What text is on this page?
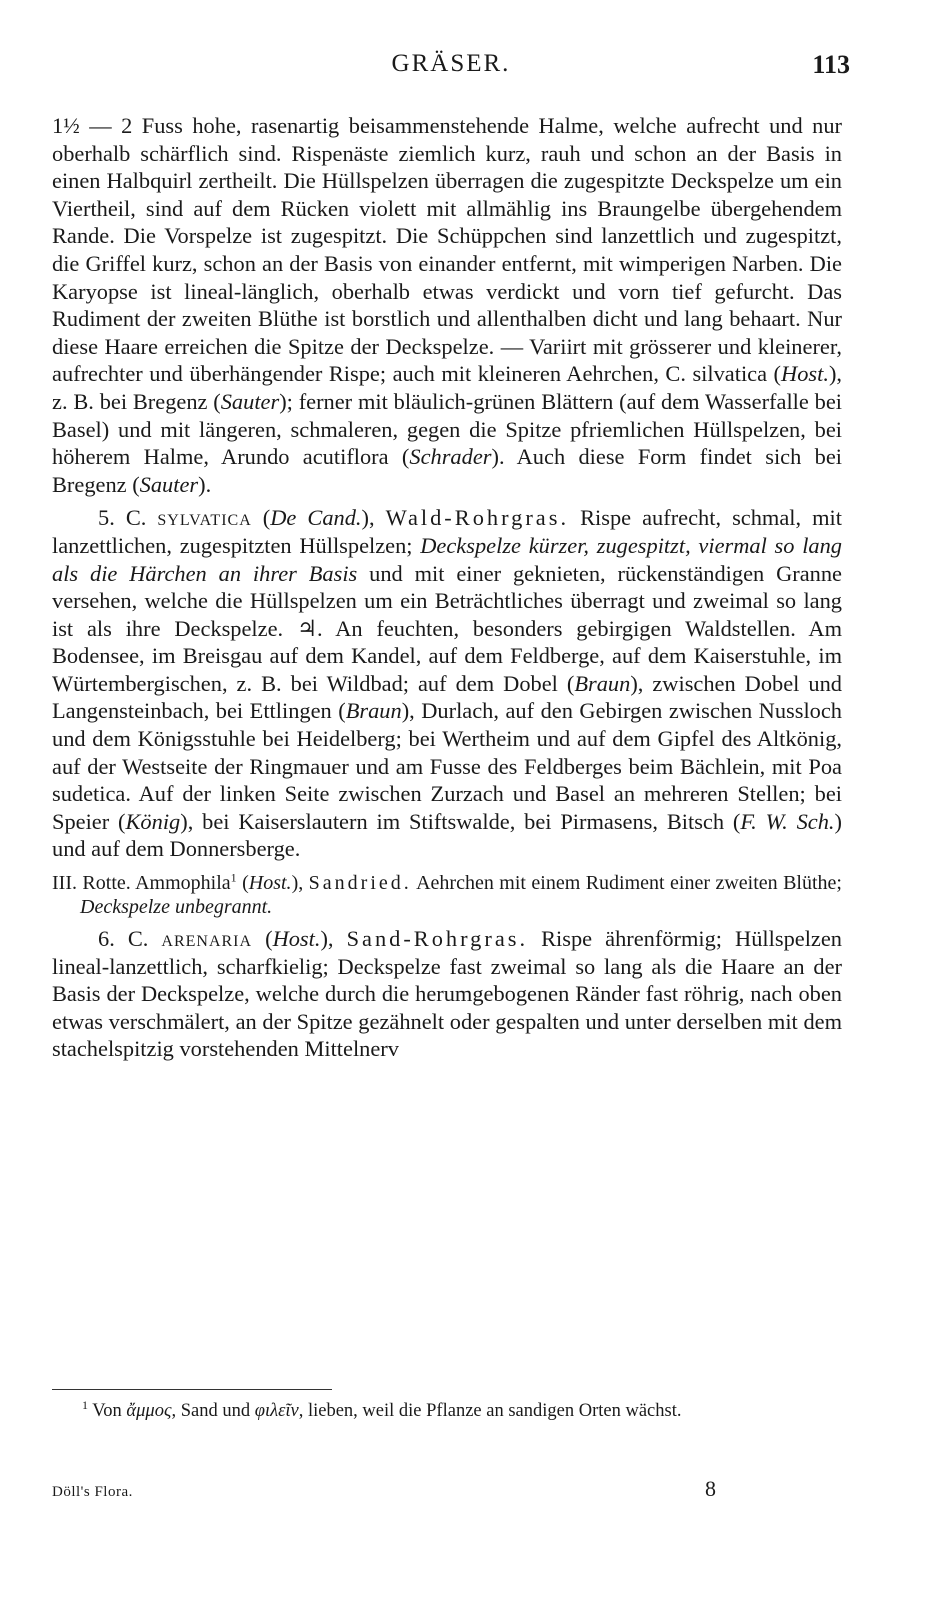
GRÄSER.	113

1½ — 2 Fuss hohe, rasenartig beisammenstehende Halme, welche aufrecht und nur oberhalb schärflich sind. Rispenäste ziemlich kurz, rauh und schon an der Basis in einen Halbquirl zertheilt. Die Hüllspelzen überragen die zugespitzte Deckspelze um ein Viertheil, sind auf dem Rücken violett mit allmählig ins Braungelbe übergehendem Rande. Die Vorspelze ist zugespitzt. Die Schüppchen sind lanzettlich und zugespitzt, die Griffel kurz, schon an der Basis von einander entfernt, mit wimperigen Narben. Die Karyopse ist lineal-länglich, oberhalb etwas verdickt und vorn tief gefurcht. Das Rudiment der zweiten Blüthe ist borstlich und allenthalben dicht und lang behaart. Nur diese Haare erreichen die Spitze der Deckspelze. — Variirt mit grösserer und kleinerer, aufrechter und überhängender Rispe; auch mit kleineren Aehrchen, C. silvatica (Host.), z. B. bei Bregenz (Sauter); ferner mit bläulich-grünen Blättern (auf dem Wasserfalle bei Basel) und mit längeren, schmaleren, gegen die Spitze pfriemlichen Hüllspelzen, bei höherem Halme, Arundo acutiflora (Schrader). Auch diese Form findet sich bei Bregenz (Sauter).

5. C. sylvatica (De Cand.), Wald-Rohrgras. Rispe aufrecht, schmal, mit lanzettlichen, zugespitzten Hüllspelzen; Deckspelze kürzer, zugespitzt, viermal so lang als die Härchen an ihrer Basis und mit einer geknieten, rückenständigen Granne versehen, welche die Hüllspelzen um ein Beträchtliches überragt und zweimal so lang ist als ihre Deckspelze. ♃. An feuchten, besonders gebirgigen Waldstellen. Am Bodensee, im Breisgau auf dem Kandel, auf dem Feldberge, auf dem Kaiserstuhle, im Würtembergischen, z. B. bei Wildbad; auf dem Dobel (Braun), zwischen Dobel und Langensteinbach, bei Ettlingen (Braun), Durlach, auf den Gebirgen zwischen Nussloch und dem Königsstuhle bei Heidelberg; bei Wertheim und auf dem Gipfel des Altkönig, auf der Westseite der Ringmauer und am Fusse des Feldberges beim Bächlein, mit Poa sudetica. Auf der linken Seite zwischen Zurzach und Basel an mehreren Stellen; bei Speier (König), bei Kaiserslautern im Stiftswalde, bei Pirmasens, Bitsch (F. W. Sch.) und auf dem Donnersberge.

III. Rotte. Ammophila$^1$ (Host.), Sandried. Aehrchen mit einem Rudiment einer zweiten Blüthe; Deckspelze unbegrannt.

6. C. arenaria (Host.), Sand-Rohrgras. Rispe ährenförmig; Hüllspelzen lineal-lanzettlich, scharfkielig; Deckspelze fast zweimal so lang als die Haare an der Basis der Deckspelze, welche durch die herumgebogenen Ränder fast röhrig, nach oben etwas verschmälert, an der Spitze gezähnelt oder gespalten und unter derselben mit dem stachelspitzig vorstehenden Mittelnerv

$^1$ Von ἄμμος, Sand und φιλεῖν, lieben, weil die Pflanze an sandigen Orten wächst.

Döll's Flora.	8
